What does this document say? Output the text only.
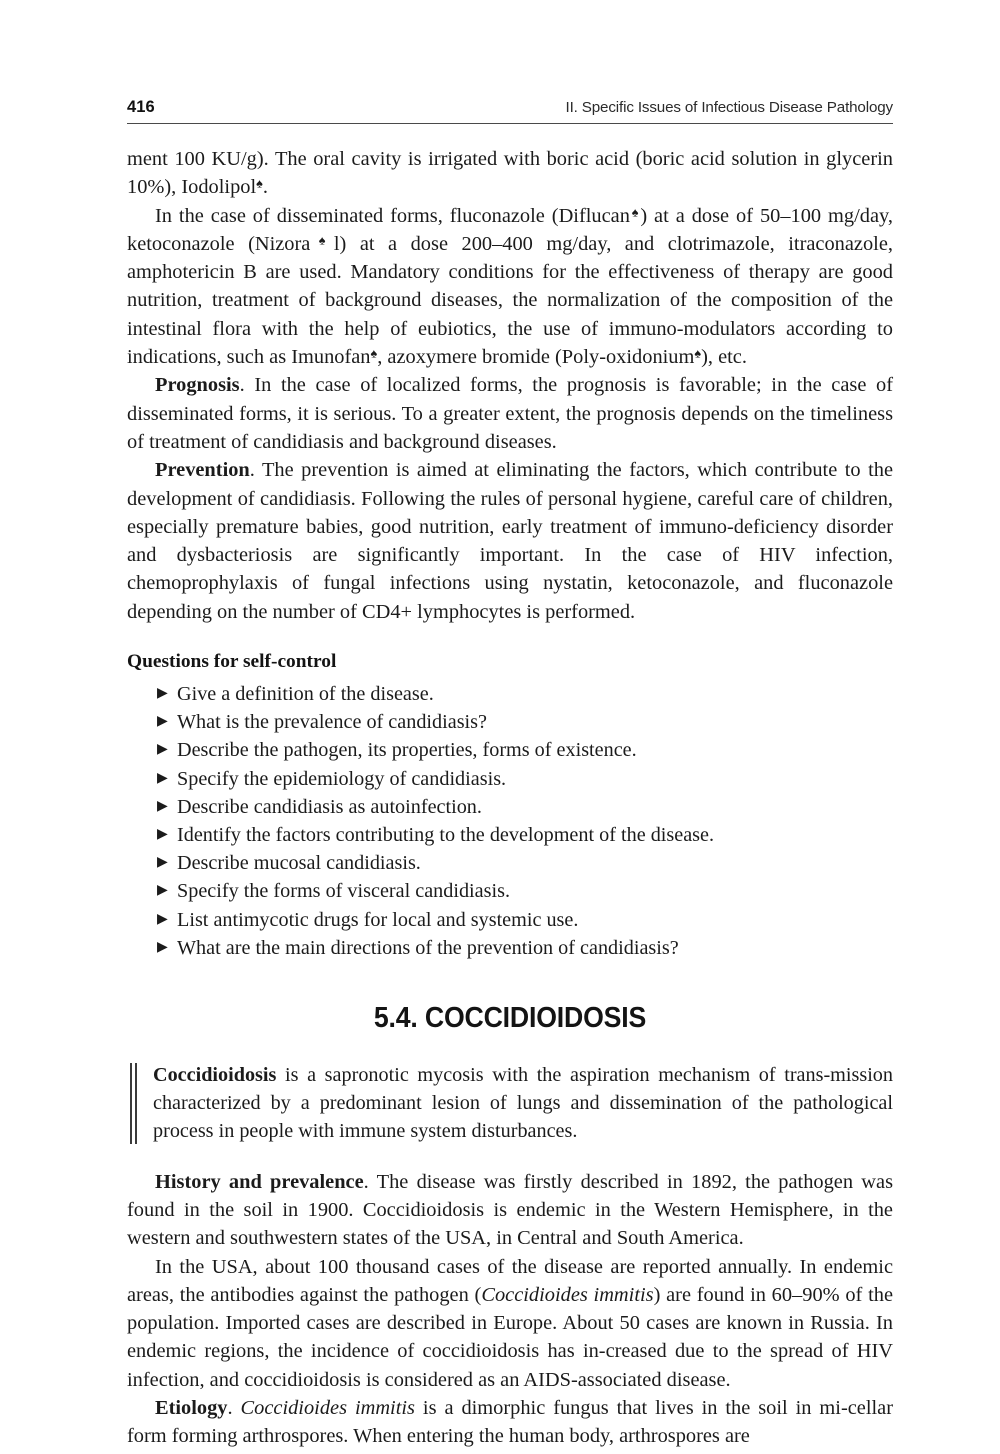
416	II. Specific Issues of Infectious Disease Pathology

ment 100 KU/g). The oral cavity is irrigated with boric acid (boric acid solution in glycerin 10%), Iodolipol♠.

In the case of disseminated forms, fluconazole (Diflucan♠) at a dose of 50–100 mg/day, ketoconazole (Nizora♠l) at a dose 200–400 mg/day, and clotrimazole, itraconazole, amphotericin B are used. Mandatory conditions for the effectiveness of therapy are good nutrition, treatment of background diseases, the normalization of the composition of the intestinal flora with the help of eubiotics, the use of immuno-modulators according to indications, such as Imunofan♠, azoxymere bromide (Poly-oxidonium♠), etc.

Prognosis. In the case of localized forms, the prognosis is favorable; in the case of disseminated forms, it is serious. To a greater extent, the prognosis depends on the timeliness of treatment of candidiasis and background diseases.

Prevention. The prevention is aimed at eliminating the factors, which contribute to the development of candidiasis. Following the rules of personal hygiene, careful care of children, especially premature babies, good nutrition, early treatment of immuno-deficiency disorder and dysbacteriosis are significantly important. In the case of HIV infection, chemoprophylaxis of fungal infections using nystatin, ketoconazole, and fluconazole depending on the number of CD4+ lymphocytes is performed.

Questions for self-control
▶ Give a definition of the disease.
▶ What is the prevalence of candidiasis?
▶ Describe the pathogen, its properties, forms of existence.
▶ Specify the epidemiology of candidiasis.
▶ Describe candidiasis as autoinfection.
▶ Identify the factors contributing to the development of the disease.
▶ Describe mucosal candidiasis.
▶ Specify the forms of visceral candidiasis.
▶ List antimycotic drugs for local and systemic use.
▶ What are the main directions of the prevention of candidiasis?
5.4. COCCIDIOIDOSIS

Coccidioidosis is a sapronotic mycosis with the aspiration mechanism of trans-mission characterized by a predominant lesion of lungs and dissemination of the pathological process in people with immune system disturbances.

History and prevalence. The disease was firstly described in 1892, the pathogen was found in the soil in 1900. Coccidioidosis is endemic in the Western Hemisphere, in the western and southwestern states of the USA, in Central and South America.

In the USA, about 100 thousand cases of the disease are reported annually. In endemic areas, the antibodies against the pathogen (Coccidioides immitis) are found in 60–90% of the population. Imported cases are described in Europe. About 50 cases are known in Russia. In endemic regions, the incidence of coccidioidosis has in-creased due to the spread of HIV infection, and coccidioidosis is considered as an AIDS-associated disease.

Etiology. Coccidioides immitis is a dimorphic fungus that lives in the soil in mi-cellar form forming arthrospores. When entering the human body, arthrospores are
